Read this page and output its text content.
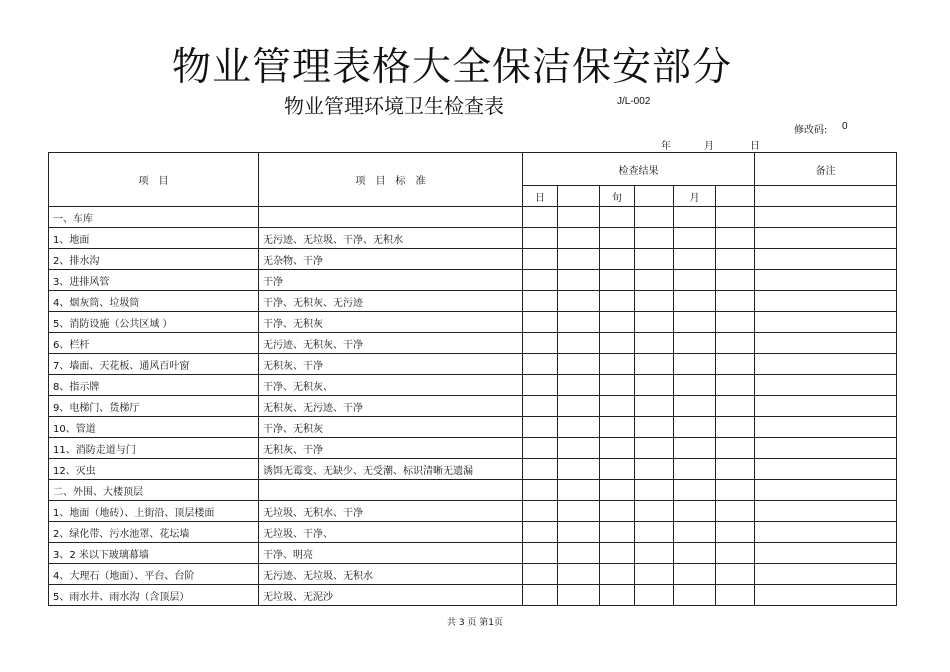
物业管理表格大全保洁保安部分
物业管理环境卫生检查表	J/L-002
修改码: 0
年	月	日
项　目	项　目　标　准	检查结果						备注
		日		旬		月		
一、车库								
1、地面	无污迹、无垃圾、干净、无积水							
2、排水沟	无杂物、干净							
3、进排风管	干净							
4、烟灰筒、垃圾筒	干净、无积灰、无污迹							
5、消防设施（公共区域 ）	干净、无积灰							
6、栏杆	无污迹、无积灰、干净							
7、墙面、天花板、通风百叶窗	无积灰、干净							
8、指示牌	干净、无积灰、							
9、电梯门、货梯厅	无积灰、无污迹、干净							
10、管道	干净、无积灰							
11、消防走道与门	无积灰、干净							
12、灭虫	诱饵无霉变、无缺少、无受潮、标识清晰无遗漏							
二、外围、大楼顶层								
1、地面（地砖）、上街沿、顶层楼面	无垃圾、无积水、干净							
2、绿化带、污水池罩、花坛墙	无垃圾、干净、							
3、2 米以下玻璃幕墙	干净、明亮							
4、大理石（地面）、平台、台阶	无污迹、无垃圾、无积水							
5、雨水井、雨水沟（含顶层）	无垃圾、无泥沙							
共 3 页 第1页
